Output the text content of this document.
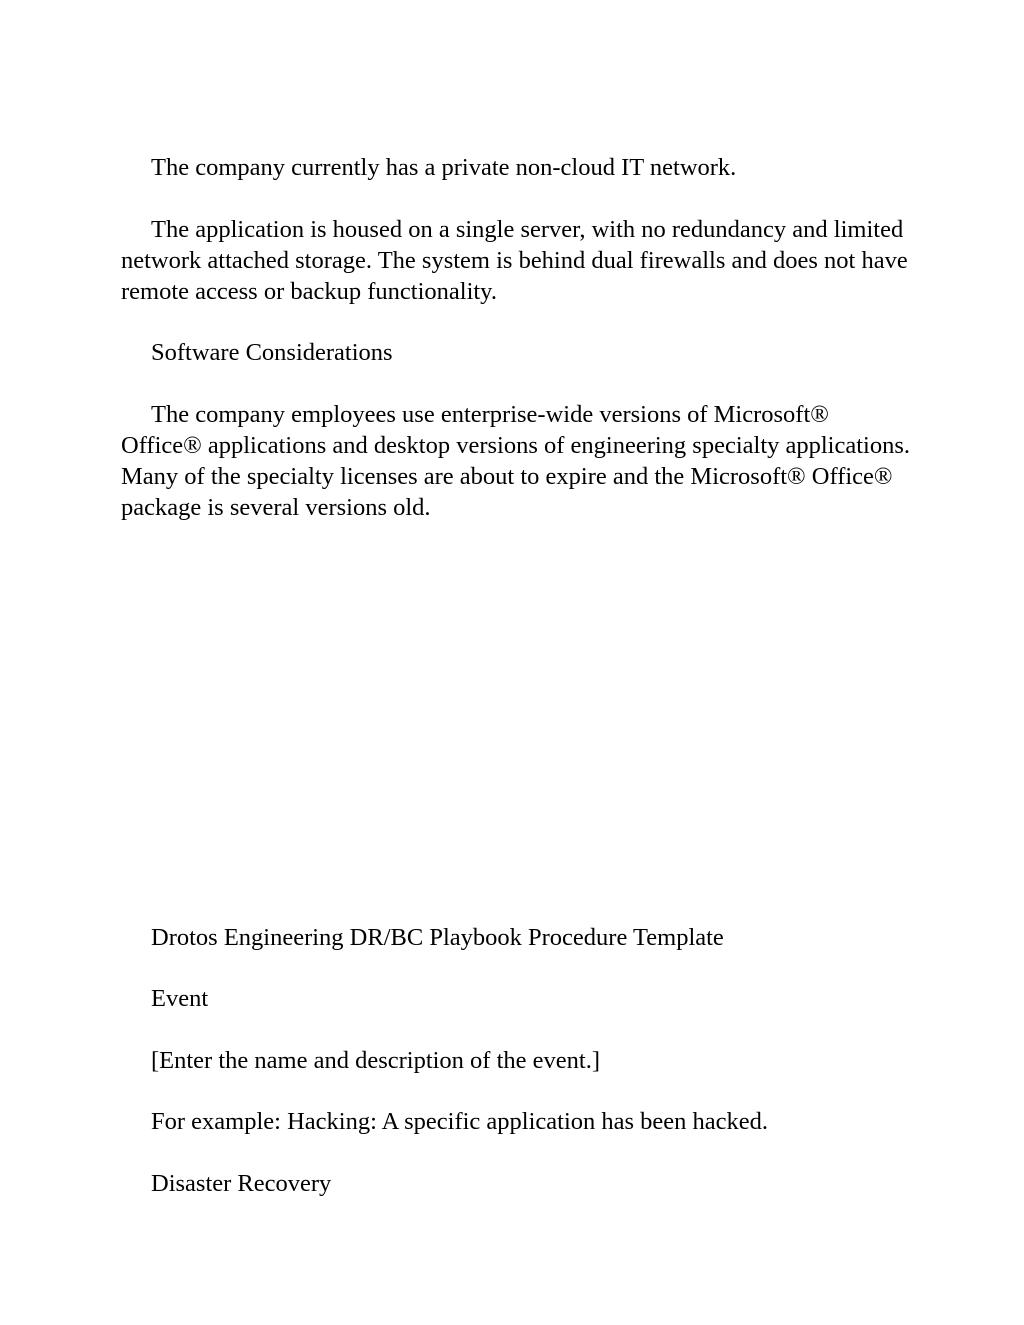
The company currently has a private non-cloud IT network.

The application is housed on a single server, with no redundancy and limited network attached storage. The system is behind dual firewalls and does not have remote access or backup functionality.

Software Considerations

The company employees use enterprise-wide versions of Microsoft® Office® applications and desktop versions of engineering specialty applications. Many of the specialty licenses are about to expire and the Microsoft® Office® package is several versions old.

Drotos Engineering DR/BC Playbook Procedure Template

Event

[Enter the name and description of the event.]

For example: Hacking: A specific application has been hacked.

Disaster Recovery
